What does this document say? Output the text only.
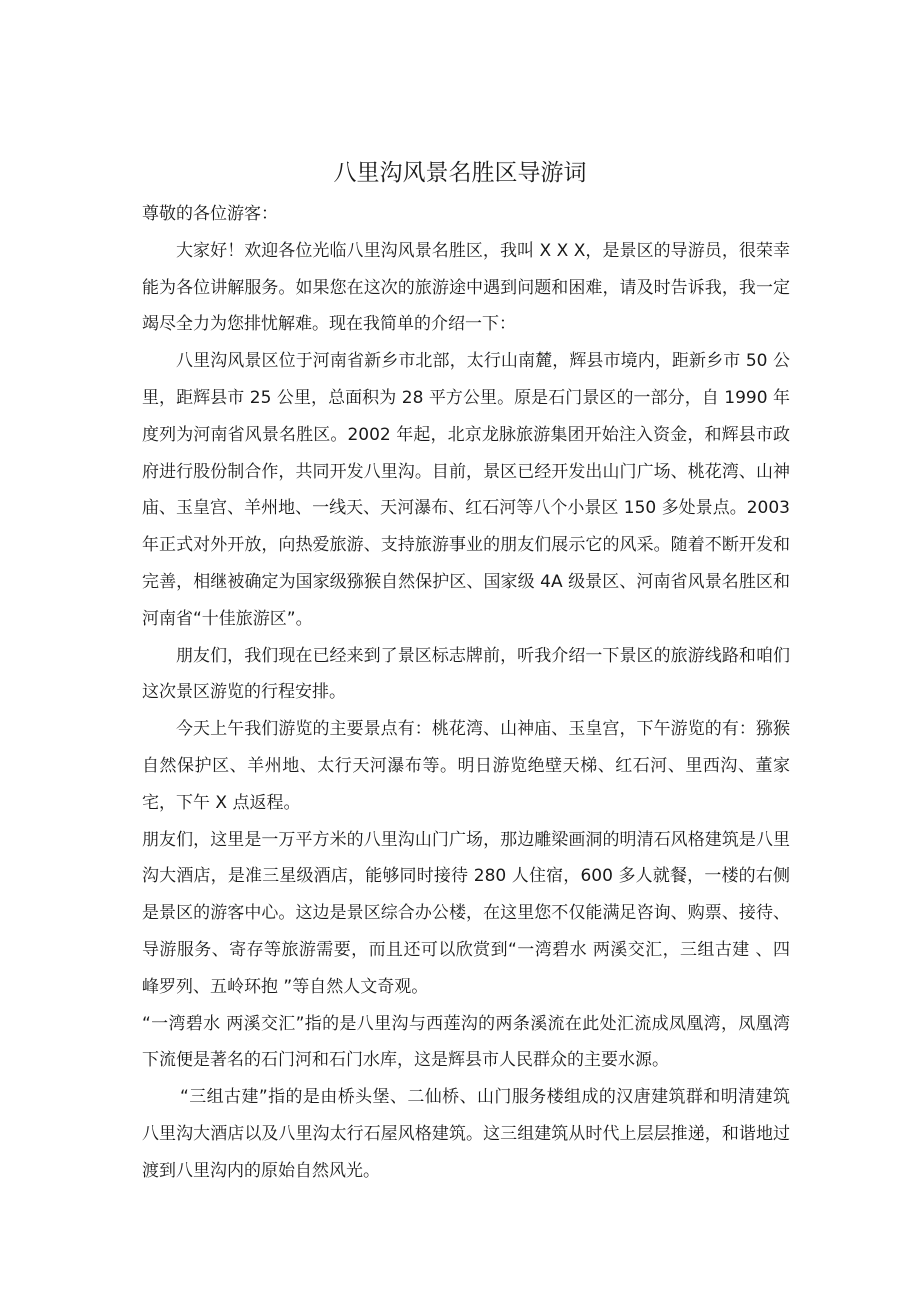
八里沟风景名胜区导游词

尊敬的各位游客：

大家好！欢迎各位光临八里沟风景名胜区，我叫 X X X，是景区的导游员，很荣幸能为各位讲解服务。如果您在这次的旅游途中遇到问题和困难，请及时告诉我，我一定竭尽全力为您排忧解难。现在我简单的介绍一下：

八里沟风景区位于河南省新乡市北部，太行山南麓，辉县市境内，距新乡市 50 公里，距辉县市 25 公里，总面积为 28 平方公里。原是石门景区的一部分，自 1990 年度列为河南省风景名胜区。2002 年起，北京龙脉旅游集团开始注入资金，和辉县市政府进行股份制合作，共同开发八里沟。目前，景区已经开发出山门广场、桃花湾、山神庙、玉皇宫、羊州地、一线天、天河瀑布、红石河等八个小景区 150 多处景点。2003 年正式对外开放，向热爱旅游、支持旅游事业的朋友们展示它的风采。随着不断开发和完善，相继被确定为国家级猕猴自然保护区、国家级 4A 级景区、河南省风景名胜区和河南省“十佳旅游区”。

朋友们，我们现在已经来到了景区标志牌前，听我介绍一下景区的旅游线路和咱们这次景区游览的行程安排。

今天上午我们游览的主要景点有：桃花湾、山神庙、玉皇宫，下午游览的有：猕猴自然保护区、羊州地、太行天河瀑布等。明日游览绝壁天梯、红石河、里西沟、董家宅，下午 X 点返程。

朋友们，这里是一万平方米的八里沟山门广场，那边雕梁画洞的明清石风格建筑是八里沟大酒店，是准三星级酒店，能够同时接待 280 人住宿，600 多人就餐，一楼的右侧是景区的游客中心。这边是景区综合办公楼，在这里您不仅能满足咨询、购票、接待、导游服务、寄存等旅游需要，而且还可以欣赏到“一湾碧水 两溪交汇，三组古建 、四峰罗列、五岭环抱 ”等自然人文奇观。

“一湾碧水 两溪交汇”指的是八里沟与西莲沟的两条溪流在此处汇流成凤凰湾，凤凰湾下流便是著名的石门河和石门水库，这是辉县市人民群众的主要水源。

“三组古建”指的是由桥头堡、二仙桥、山门服务楼组成的汉唐建筑群和明清建筑八里沟大酒店以及八里沟太行石屋风格建筑。这三组建筑从时代上层层推递，和谐地过渡到八里沟内的原始自然风光。
